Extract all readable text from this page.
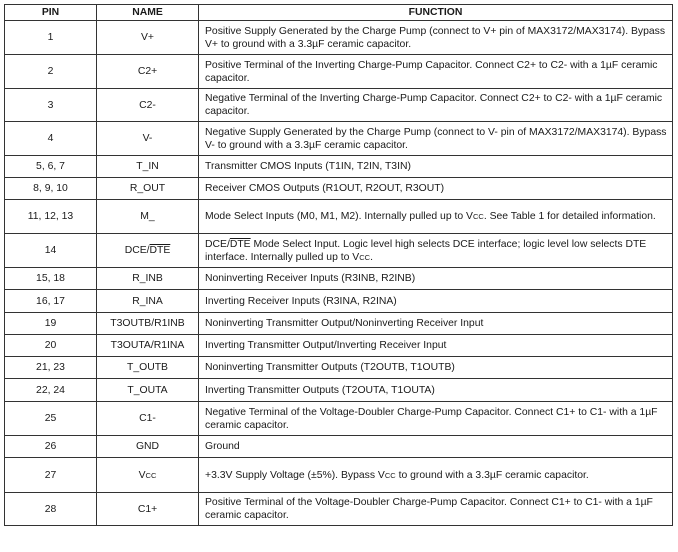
PIN	NAME	FUNCTION
1	V+	Positive Supply Generated by the Charge Pump (connect to V+ pin of MAX3172/MAX3174). Bypass V+ to ground with a 3.3µF ceramic capacitor.
2	C2+	Positive Terminal of the Inverting Charge-Pump Capacitor. Connect C2+ to C2- with a 1µF ceramic capacitor.
3	C2-	Negative Terminal of the Inverting Charge-Pump Capacitor. Connect C2+ to C2- with a 1µF ceramic capacitor.
4	V-	Negative Supply Generated by the Charge Pump (connect to V- pin of MAX3172/MAX3174). Bypass V- to ground with a 3.3µF ceramic capacitor.
5, 6, 7	T_IN	Transmitter CMOS Inputs (T1IN, T2IN, T3IN)
8, 9, 10	R_OUT	Receiver CMOS Outputs (R1OUT, R2OUT, R3OUT)
11, 12, 13	M_	Mode Select Inputs (M0, M1, M2). Internally pulled up to VCC. See Table 1 for detailed information.
14	DCE/$\overline{DTE}$	DCE/$\overline{DTE}$ Mode Select Input. Logic level high selects DCE interface; logic level low selects DTE interface. Internally pulled up to VCC.
15, 18	R_INB	Noninverting Receiver Inputs (R3INB, R2INB)
16, 17	R_INA	Inverting Receiver Inputs (R3INA, R2INA)
19	T3OUTB/R1INB	Noninverting Transmitter Output/Noninverting Receiver Input
20	T3OUTA/R1INA	Inverting Transmitter Output/Inverting Receiver Input
21, 23	T_OUTB	Noninverting Transmitter Outputs (T2OUTB, T1OUTB)
22, 24	T_OUTA	Inverting Transmitter Outputs (T2OUTA, T1OUTA)
25	C1-	Negative Terminal of the Voltage-Doubler Charge-Pump Capacitor. Connect C1+ to C1- with a 1µF ceramic capacitor.
26	GND	Ground
27	VCC	+3.3V Supply Voltage (±5%). Bypass VCC to ground with a 3.3µF ceramic capacitor.
28	C1+	Positive Terminal of the Voltage-Doubler Charge-Pump Capacitor. Connect C1+ to C1- with a 1µF ceramic capacitor.
